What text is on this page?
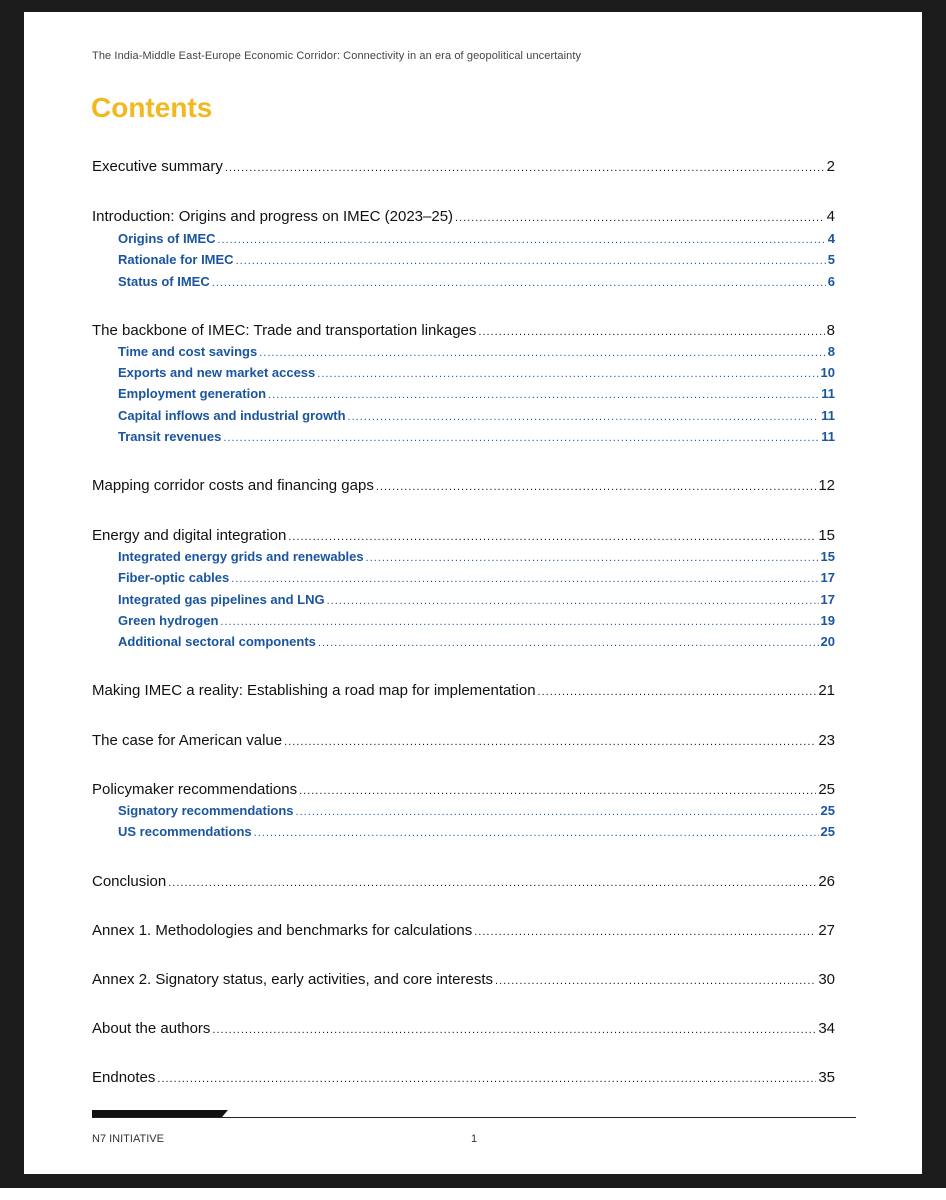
The India-Middle East-Europe Economic Corridor: Connectivity in an era of geopolitical uncertainty
Contents
Executive summary .....	2
Introduction: Origins and progress on IMEC (2023–25) .....	4
Origins of IMEC .....	4
Rationale for IMEC .....	5
Status of IMEC .....	6
The backbone of IMEC: Trade and transportation linkages .....	8
Time and cost savings .....	8
Exports and new market access .....	10
Employment generation .....	11
Capital inflows and industrial growth .....	11
Transit revenues .....	11
Mapping corridor costs and financing gaps .....	12
Energy and digital integration .....	15
Integrated energy grids and renewables .....	15
Fiber-optic cables .....	17
Integrated gas pipelines and LNG .....	17
Green hydrogen .....	19
Additional sectoral components .....	20
Making IMEC a reality: Establishing a road map for implementation .....	21
The case for American value .....	23
Policymaker recommendations .....	25
Signatory recommendations .....	25
US recommendations .....	25
Conclusion .....	26
Annex 1. Methodologies and benchmarks for calculations .....	27
Annex 2. Signatory status, early activities, and core interests .....	30
About the authors .....	34
Endnotes .....	35
N7 INITIATIVE	1
